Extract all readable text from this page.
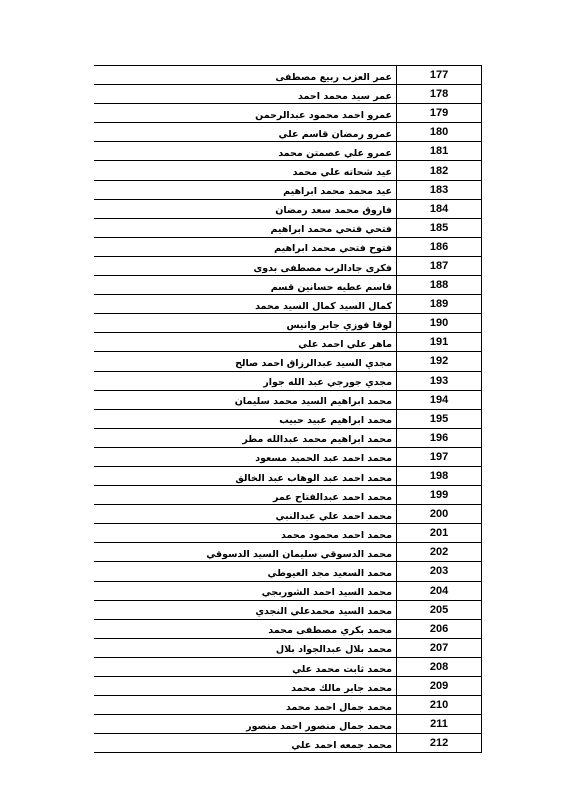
177
عمر العزب ربيع مصطفى
178
عمر سيد محمد احمد
179
عمرو احمد محمود عبدالرحمن
180
عمرو رمضان قاسم علي
181
عمرو علي عصمتن محمد
182
عيد شحاته علي محمد
183
عيد محمد محمد ابراهيم
184
فاروق محمد سعد رمضان
185
فتحي فتحي محمد ابراهيم
186
فتوح فتحي محمد ابراهيم
187
فكرى جادالرب مصطفى بدوى
188
قاسم عطيه حسانين قسم
189
كمال السيد كمال السيد محمد
190
لوقا فوزي جابر وانيس
191
ماهر علي احمد علي
192
مجدي السيد عبدالرزاق احمد صالح
193
مجدي جورجي عبد الله جوار
194
محمد ابراهيم السيد محمد سليمان
195
محمد ابراهيم عبيد حبيب
196
محمد ابراهيم محمد عبدالله مطر
197
محمد احمد عبد الحميد مسعود
198
محمد احمد عبد الوهاب عبد الخالق
199
محمد احمد عبدالفتاح عمر
200
محمد احمد علي عبدالنبي
201
محمد احمد محمود محمد
202
محمد الدسوقي سليمان السيد الدسوقي
203
محمد السعيد مجد العيوطي
204
محمد السيد احمد الشوربجي
205
محمد السيد محمدعلي النجدي
206
محمد بكري مصطفى محمد
207
محمد بلال عبدالجواد بلال
208
محمد ثابت محمد علي
209
محمد جابر مالك محمد
210
محمد جمال احمد محمد
211
محمد جمال منصور احمد منصور
212
محمد جمعه احمد علي
